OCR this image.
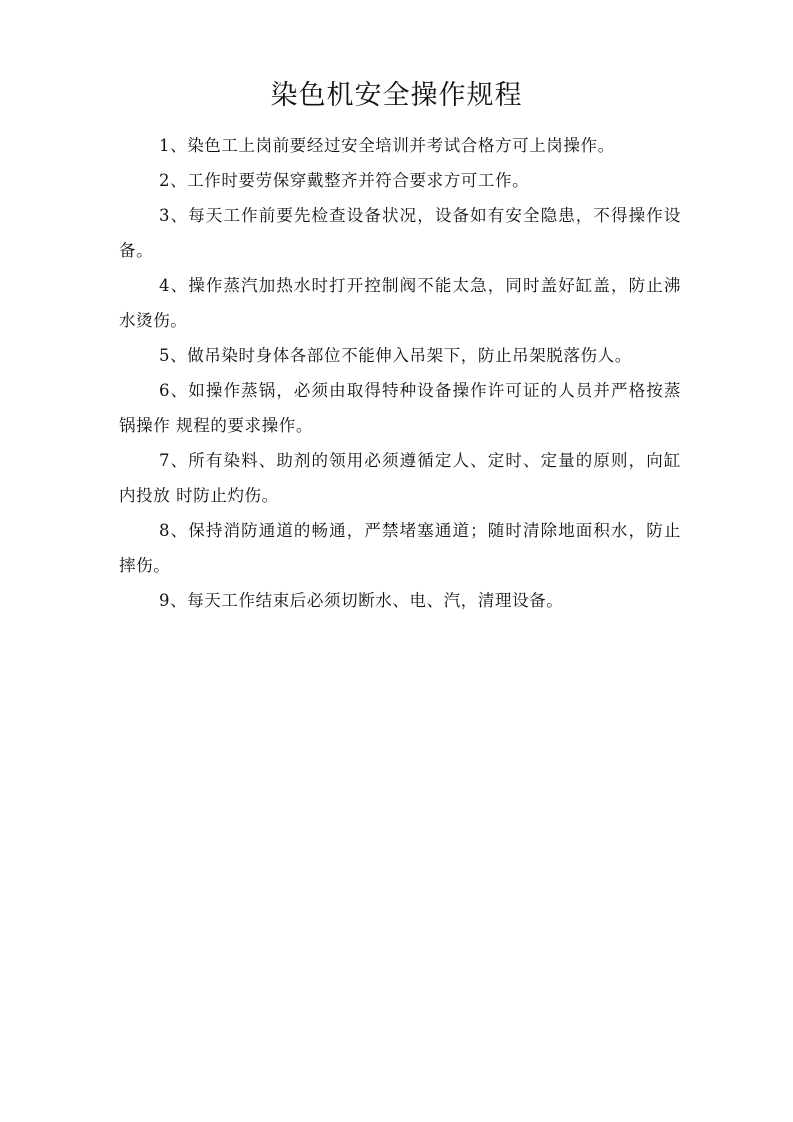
染色机安全操作规程
1、染色工上岗前要经过安全培训并考试合格方可上岗操作。
2、工作时要劳保穿戴整齐并符合要求方可工作。
3、每天工作前要先检查设备状况，设备如有安全隐患，不得操作设备。
4、操作蒸汽加热水时打开控制阀不能太急，同时盖好缸盖，防止沸水烫伤。
5、做吊染时身体各部位不能伸入吊架下，防止吊架脱落伤人。
6、如操作蒸锅，必须由取得特种设备操作许可证的人员并严格按蒸锅操作 规程的要求操作。
7、所有染料、助剂的领用必须遵循定人、定时、定量的原则，向缸内投放 时防止灼伤。
8、保持消防通道的畅通，严禁堵塞通道；随时清除地面积水，防止摔伤。
9、每天工作结束后必须切断水、电、汽，清理设备。
